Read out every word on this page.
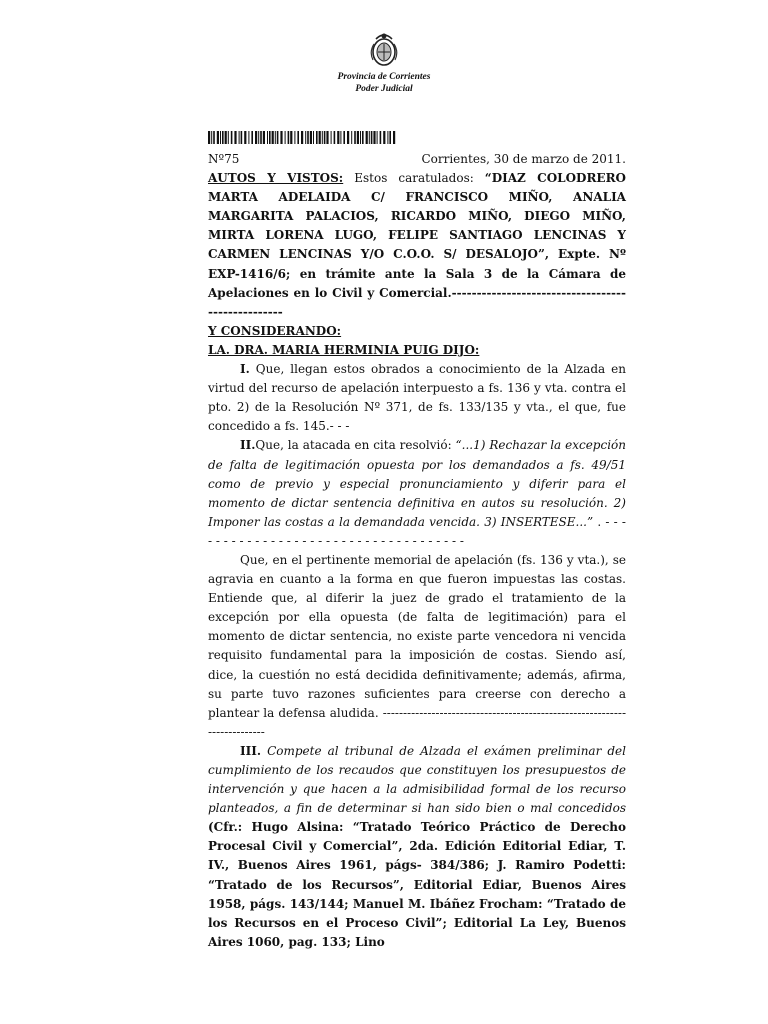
Provincia de Corrientes
Poder Judicial
Nº75	Corrientes, 30 de marzo de 2011.

AUTOS Y VISTOS: Estos caratulados: “DIAZ COLODRERO MARTA ADELAIDA C/ FRANCISCO MIÑO, ANALIA MARGARITA PALACIOS, RICARDO MIÑO, DIEGO MIÑO, MIRTA LORENA LUGO, FELIPE SANTIAGO LENCINAS Y CARMEN LENCINAS Y/O C.O.O. S/ DESALOJO”, Expte. Nº EXP-1416/6; en trámite ante la Sala 3 de la Cámara de Apelaciones en lo Civil y Comercial.--------------------------------------------------

Y CONSIDERANDO:

LA. DRA. MARIA HERMINIA PUIG DIJO:

I. Que, llegan estos obrados a conocimiento de la Alzada en virtud del recurso de apelación interpuesto a fs. 136 y vta. contra el pto. 2) de la Resolución Nº 371, de fs. 133/135 y vta., el que, fue concedido a fs. 145.- - -

II.Que, la atacada en cita resolvió: “...1) Rechazar la excepción de falta de legitimación opuesta por los demandados a fs. 49/51 como de previo y especial pronunciamiento y diferir para el momento de dictar sentencia definitiva en autos su resolución. 2) Imponer las costas a la demandada vencida. 3) INSERTESE...” . - - - - - - - - - - - - - - - - - - - - - - - - - - - - - - - - - - - -

Que, en el pertinente memorial de apelación (fs. 136 y vta.), se agravia en cuanto a la forma en que fueron impuestas las costas. Entiende que, al diferir la juez de grado el tratamiento de la excepción por ella opuesta (de falta de legitimación) para el momento de dictar sentencia, no existe parte vencedora ni vencida requisito fundamental para la imposición de costas. Siendo así, dice, la cuestión no está decidida definitivamente; además, afirma, su parte tuvo razones suficientes para creerse con derecho a plantear la defensa aludida. --------------------------------------------------------------------------

III. Compete al tribunal de Alzada el exámen preliminar del cumplimiento de los recaudos que constituyen los presupuestos de intervención y que hacen a la admisibilidad formal de los recurso planteados, a fin de determinar si han sido bien o mal concedidos (Cfr.: Hugo Alsina: “Tratado Teórico Práctico de Derecho Procesal Civil y Comercial”, 2da. Edición Editorial Ediar, T. IV., Buenos Aires 1961, págs- 384/386; J. Ramiro Podetti: “Tratado de los Recursos”, Editorial Ediar, Buenos Aires 1958, págs. 143/144; Manuel M. Ibáñez Frocham: “Tratado de los Recursos en el Proceso Civil”; Editorial La Ley, Buenos Aires 1060, pag. 133; Lino
